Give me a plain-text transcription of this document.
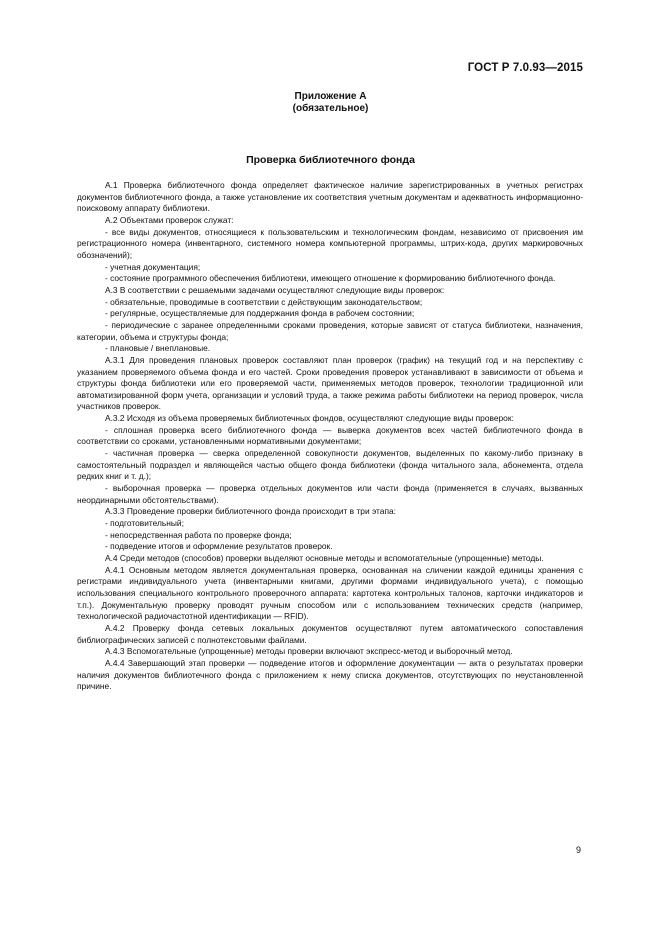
ГОСТ Р 7.0.93—2015
Приложение А
(обязательное)
Проверка библиотечного фонда

А.1 Проверка библиотечного фонда определяет фактическое наличие зарегистрированных в учетных регистрах документов библиотечного фонда, а также установление их соответствия учетным документам и адекватность информационно-поисковому аппарату библиотеки.

А.2 Объектами проверок служат:

- все виды документов, относящиеся к пользовательским и технологическим фондам, независимо от присвоения им регистрационного номера (инвентарного, системного номера компьютерной программы, штрих-кода, других маркировочных обозначений);

- учетная документация;

- состояние программного обеспечения библиотеки, имеющего отношение к формированию библиотечного фонда.

А.3 В соответствии с решаемыми задачами осуществляют следующие виды проверок:

- обязательные, проводимые в соответствии с действующим законодательством;

- регулярные, осуществляемые для поддержания фонда в рабочем состоянии;

- периодические с заранее определенными сроками проведения, которые зависят от статуса библиотеки, назначения, категории, объема и структуры фонда;

- плановые / внеплановые.

А.3.1 Для проведения плановых проверок составляют план проверок (график) на текущий год и на перспективу с указанием проверяемого объема фонда и его частей. Сроки проведения проверок устанавливают в зависимости от объема и структуры фонда библиотеки или его проверяемой части, применяемых методов проверок, технологии традиционной или автоматизированной форм учета, организации и условий труда, а также режима работы библиотеки на период проверок, числа участников проверок.

А.3.2 Исходя из объема проверяемых библиотечных фондов, осуществляют следующие виды проверок:

- сплошная проверка всего библиотечного фонда — выверка документов всех частей библиотечного фонда в соответствии со сроками, установленными нормативными документами;

- частичная проверка — сверка определенной совокупности документов, выделенных по какому-либо признаку в самостоятельный подраздел и являющейся частью общего фонда библиотеки (фонда читального зала, абонемента, отдела редких книг и т. д.);

- выборочная проверка — проверка отдельных документов или части фонда (применяется в случаях, вызванных неординарными обстоятельствами).

А.3.3 Проведение проверки библиотечного фонда происходит в три этапа:

- подготовительный;

- непосредственная работа по проверке фонда;

- подведение итогов и оформление результатов проверок.

А.4 Среди методов (способов) проверки выделяют основные методы и вспомогательные (упрощенные) методы.

А.4.1 Основным методом является документальная проверка, основанная на сличении каждой единицы хранения с регистрами индивидуального учета (инвентарными книгами, другими формами индивидуального учета), с помощью использования специального контрольного проверочного аппарата: картотека контрольных талонов, карточки индикаторов и т.п.). Документальную проверку проводят ручным способом или с использованием технических средств (например, технологической радиочастотной идентификации — RFID).

А.4.2 Проверку фонда сетевых локальных документов осуществляют путем автоматического сопоставления библиографических записей с полнотекстовыми файлами.

А.4.3 Вспомогательные (упрощенные) методы проверки включают экспресс-метод и выборочный метод.

А.4.4 Завершающий этап проверки — подведение итогов и оформление документации — акта о результатах проверки наличия документов библиотечного фонда с приложением к нему списка документов, отсутствующих по неустановленной причине.

9
